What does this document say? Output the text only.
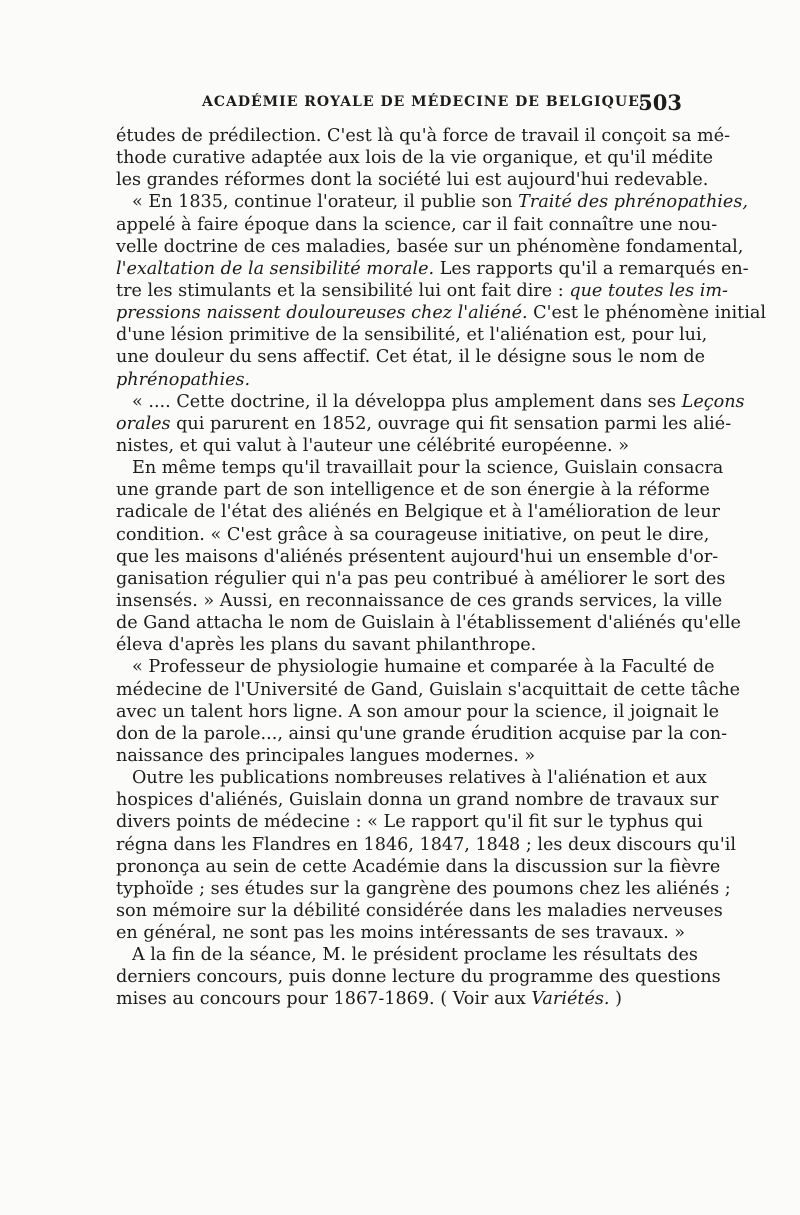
ACADÉMIE ROYALE DE MÉDECINE DE BELGIQUE.
503
études de prédilection. C'est là qu'à force de travail il conçoit sa mé-
thode curative adaptée aux lois de la vie organique, et qu'il médite
les grandes réformes dont la société lui est aujourd'hui redevable.
« En 1835, continue l'orateur, il publie son Traité des phrénopathies,
appelé à faire époque dans la science, car il fait connaître une nou-
velle doctrine de ces maladies, basée sur un phénomène fondamental,
l'exaltation de la sensibilité morale. Les rapports qu'il a remarqués en-
tre les stimulants et la sensibilité lui ont fait dire : que toutes les im-
pressions naissent douloureuses chez l'aliéné. C'est le phénomène initial
d'une lésion primitive de la sensibilité, et l'aliénation est, pour lui,
une douleur du sens affectif. Cet état, il le désigne sous le nom de
phrénopathies.
« .... Cette doctrine, il la développa plus amplement dans ses Leçons
orales qui parurent en 1852, ouvrage qui fit sensation parmi les alié-
nistes, et qui valut à l'auteur une célébrité européenne. »
En même temps qu'il travaillait pour la science, Guislain consacra
une grande part de son intelligence et de son énergie à la réforme
radicale de l'état des aliénés en Belgique et à l'amélioration de leur
condition. « C'est grâce à sa courageuse initiative, on peut le dire,
que les maisons d'aliénés présentent aujourd'hui un ensemble d'or-
ganisation régulier qui n'a pas peu contribué à améliorer le sort des
insensés. » Aussi, en reconnaissance de ces grands services, la ville
de Gand attacha le nom de Guislain à l'établissement d'aliénés qu'elle
éleva d'après les plans du savant philanthrope.
« Professeur de physiologie humaine et comparée à la Faculté de
médecine de l'Université de Gand, Guislain s'acquittait de cette tâche
avec un talent hors ligne. A son amour pour la science, il joignait le
don de la parole..., ainsi qu'une grande érudition acquise par la con-
naissance des principales langues modernes. »
Outre les publications nombreuses relatives à l'aliénation et aux
hospices d'aliénés, Guislain donna un grand nombre de travaux sur
divers points de médecine : « Le rapport qu'il fit sur le typhus qui
régna dans les Flandres en 1846, 1847, 1848 ; les deux discours qu'il
prononça au sein de cette Académie dans la discussion sur la fièvre
typhoïde ; ses études sur la gangrène des poumons chez les aliénés ;
son mémoire sur la débilité considérée dans les maladies nerveuses
en général, ne sont pas les moins intéressants de ses travaux. »
A la fin de la séance, M. le président proclame les résultats des
derniers concours, puis donne lecture du programme des questions
mises au concours pour 1867-1869. ( Voir aux Variétés. )
